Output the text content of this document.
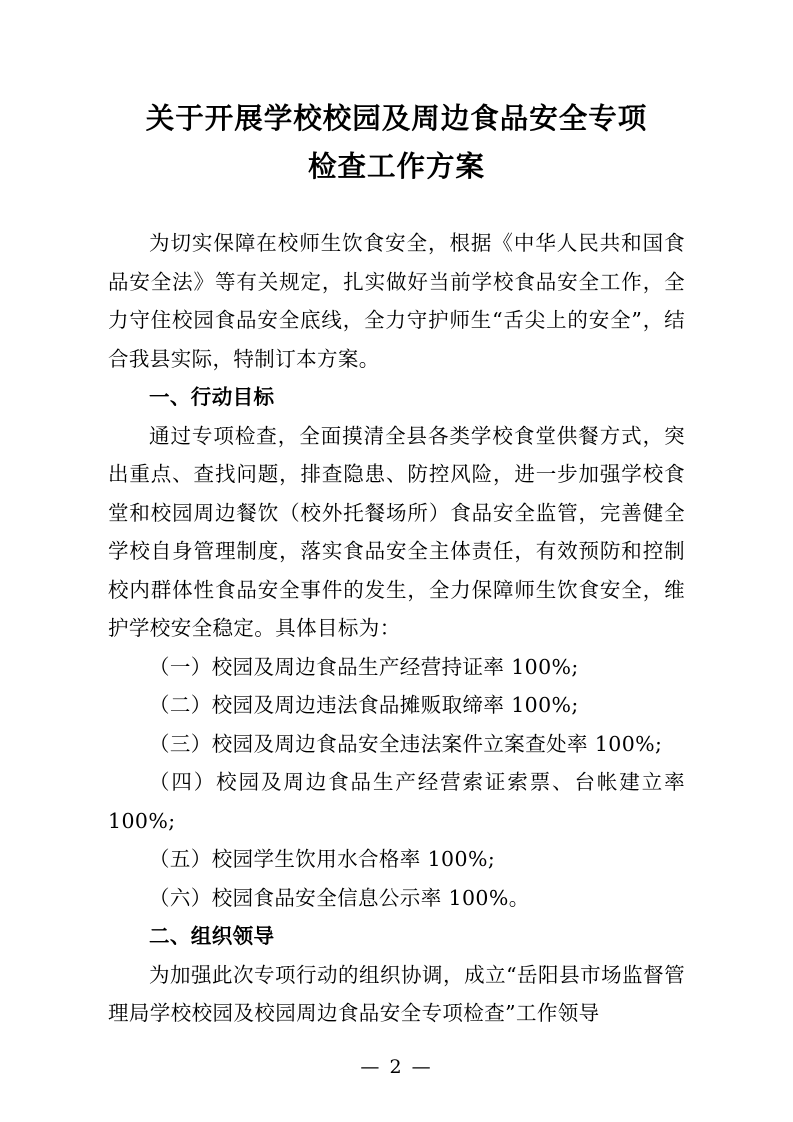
关于开展学校校园及周边食品安全专项
检查工作方案

为切实保障在校师生饮食安全，根据《中华人民共和国食品安全法》等有关规定，扎实做好当前学校食品安全工作，全力守住校园食品安全底线，全力守护师生“舌尖上的安全”，结合我县实际，特制订本方案。

一、行动目标

通过专项检查，全面摸清全县各类学校食堂供餐方式，突出重点、查找问题，排查隐患、防控风险，进一步加强学校食堂和校园周边餐饮（校外托餐场所）食品安全监管，完善健全学校自身管理制度，落实食品安全主体责任，有效预防和控制校内群体性食品安全事件的发生，全力保障师生饮食安全，维护学校安全稳定。具体目标为：

（一）校园及周边食品生产经营持证率 100%;

（二）校园及周边违法食品摊贩取缔率 100%;

（三）校园及周边食品安全违法案件立案查处率 100%;

（四）校园及周边食品生产经营索证索票、台帐建立率 100%;

（五）校园学生饮用水合格率 100%;

（六）校园食品安全信息公示率 100%。

二、组织领导

为加强此次专项行动的组织协调，成立“岳阳县市场监督管理局学校校园及校园周边食品安全专项检查”工作领导

— 2 —
